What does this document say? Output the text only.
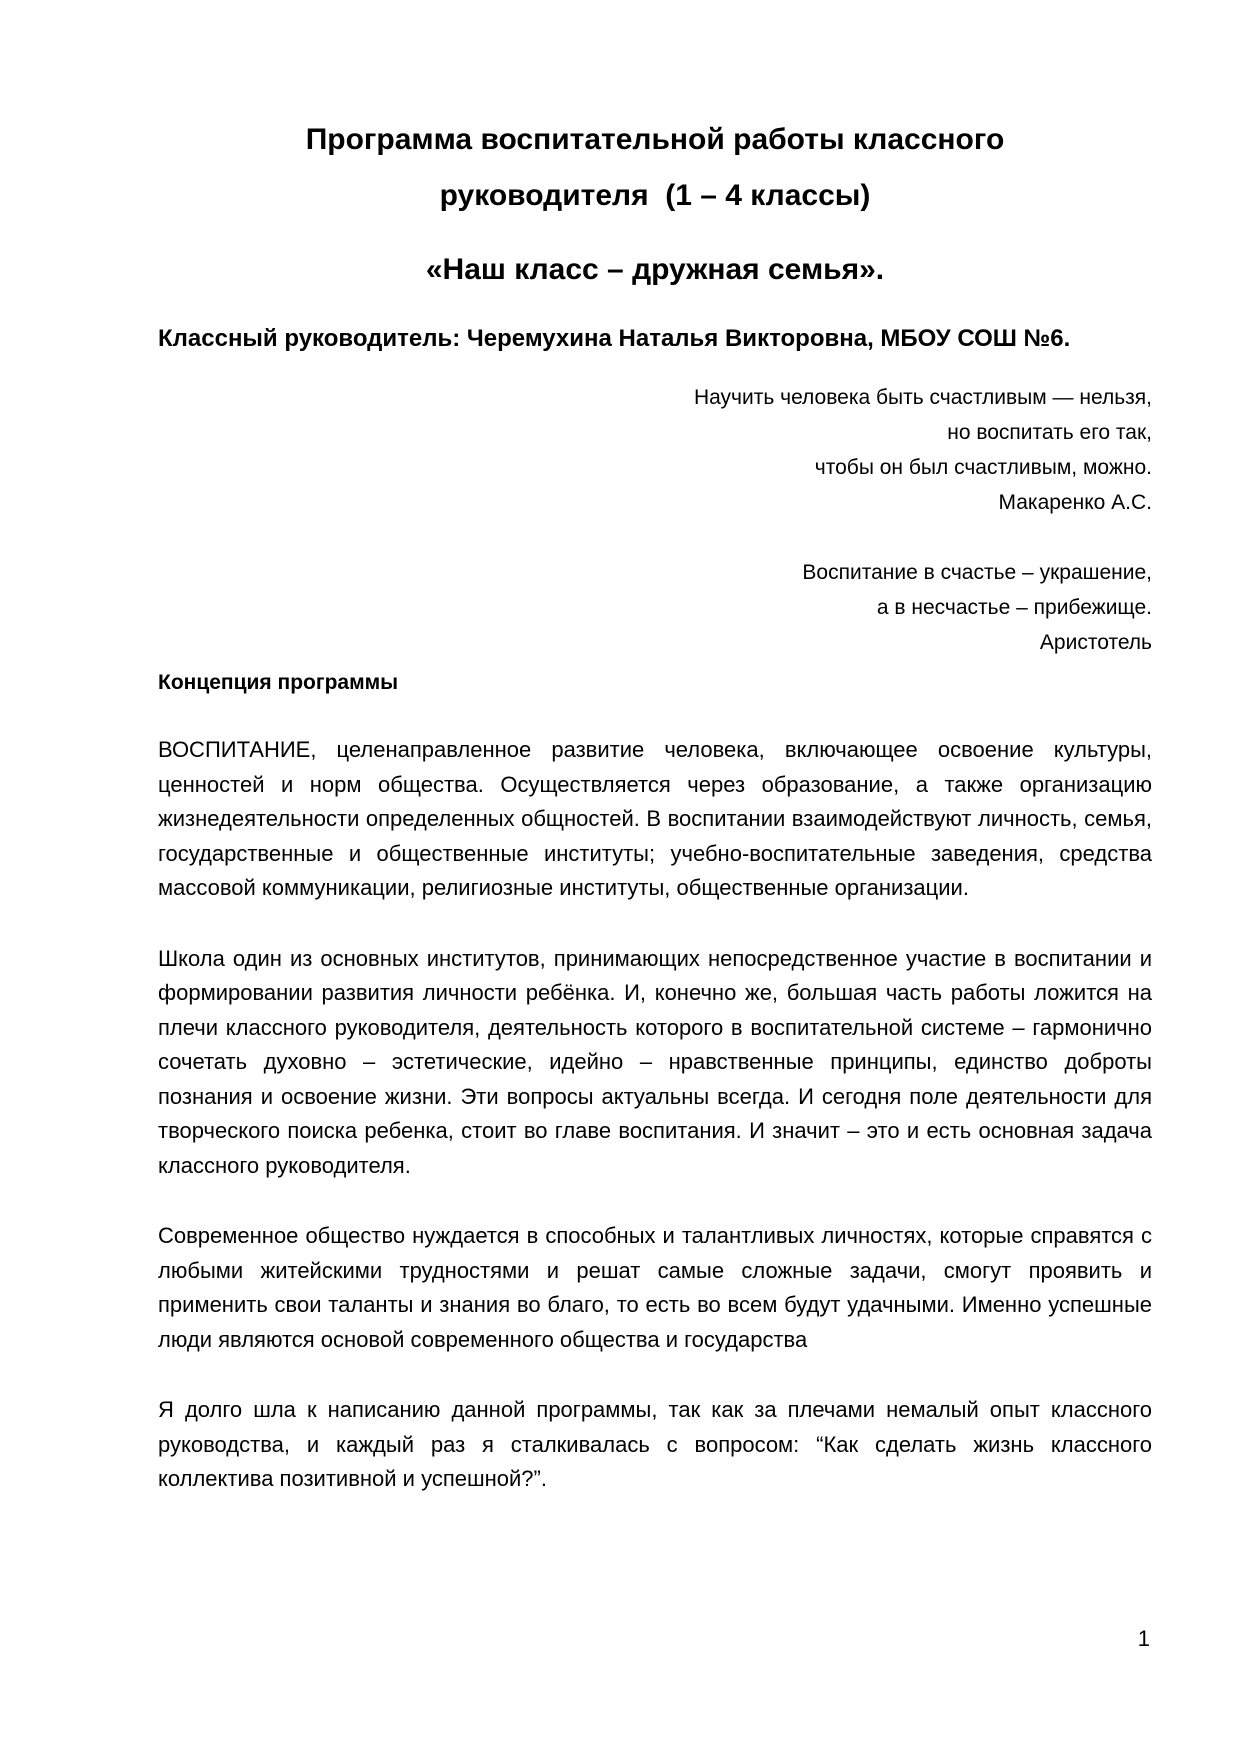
Программа воспитательной работы классного
руководителя  (1 – 4 классы)
«Наш класс – дружная семья».
Классный руководитель: Черемухина Наталья Викторовна, МБОУ СОШ №6.
Научить человека быть счастливым — нельзя,
но воспитать его так,
чтобы он был счастливым, можно.
Макаренко А.С.
Воспитание в счастье – украшение,
а в несчастье – прибежище.
Аристотель
Концепция программы

ВОСПИТАНИЕ, целенаправленное развитие человека, включающее освоение культуры, ценностей и норм общества. Осуществляется через образование, а также организацию жизнедеятельности определенных общностей. В воспитании взаимодействуют личность, семья, государственные и общественные институты; учебно-воспитательные заведения, средства массовой коммуникации, религиозные институты, общественные организации.

Школа один из основных институтов, принимающих непосредственное участие в воспитании и формировании развития личности ребёнка. И, конечно же, большая часть работы ложится на плечи классного руководителя, деятельность которого в воспитательной системе – гармонично сочетать духовно – эстетические, идейно – нравственные принципы, единство доброты познания и освоение жизни. Эти вопросы актуальны всегда. И сегодня поле деятельности для творческого поиска ребенка, стоит во главе воспитания. И значит – это и есть основная задача классного руководителя.

Современное общество нуждается в способных и талантливых личностях, которые справятся с любыми житейскими трудностями и решат самые сложные задачи, смогут проявить и применить свои таланты и знания во благо, то есть во всем будут удачными. Именно успешные люди являются основой современного общества и государства

Я долго шла к написанию данной программы, так как за плечами немалый опыт классного руководства, и каждый раз я сталкивалась с вопросом: “Как сделать жизнь классного коллектива позитивной и успешной?”.

1
